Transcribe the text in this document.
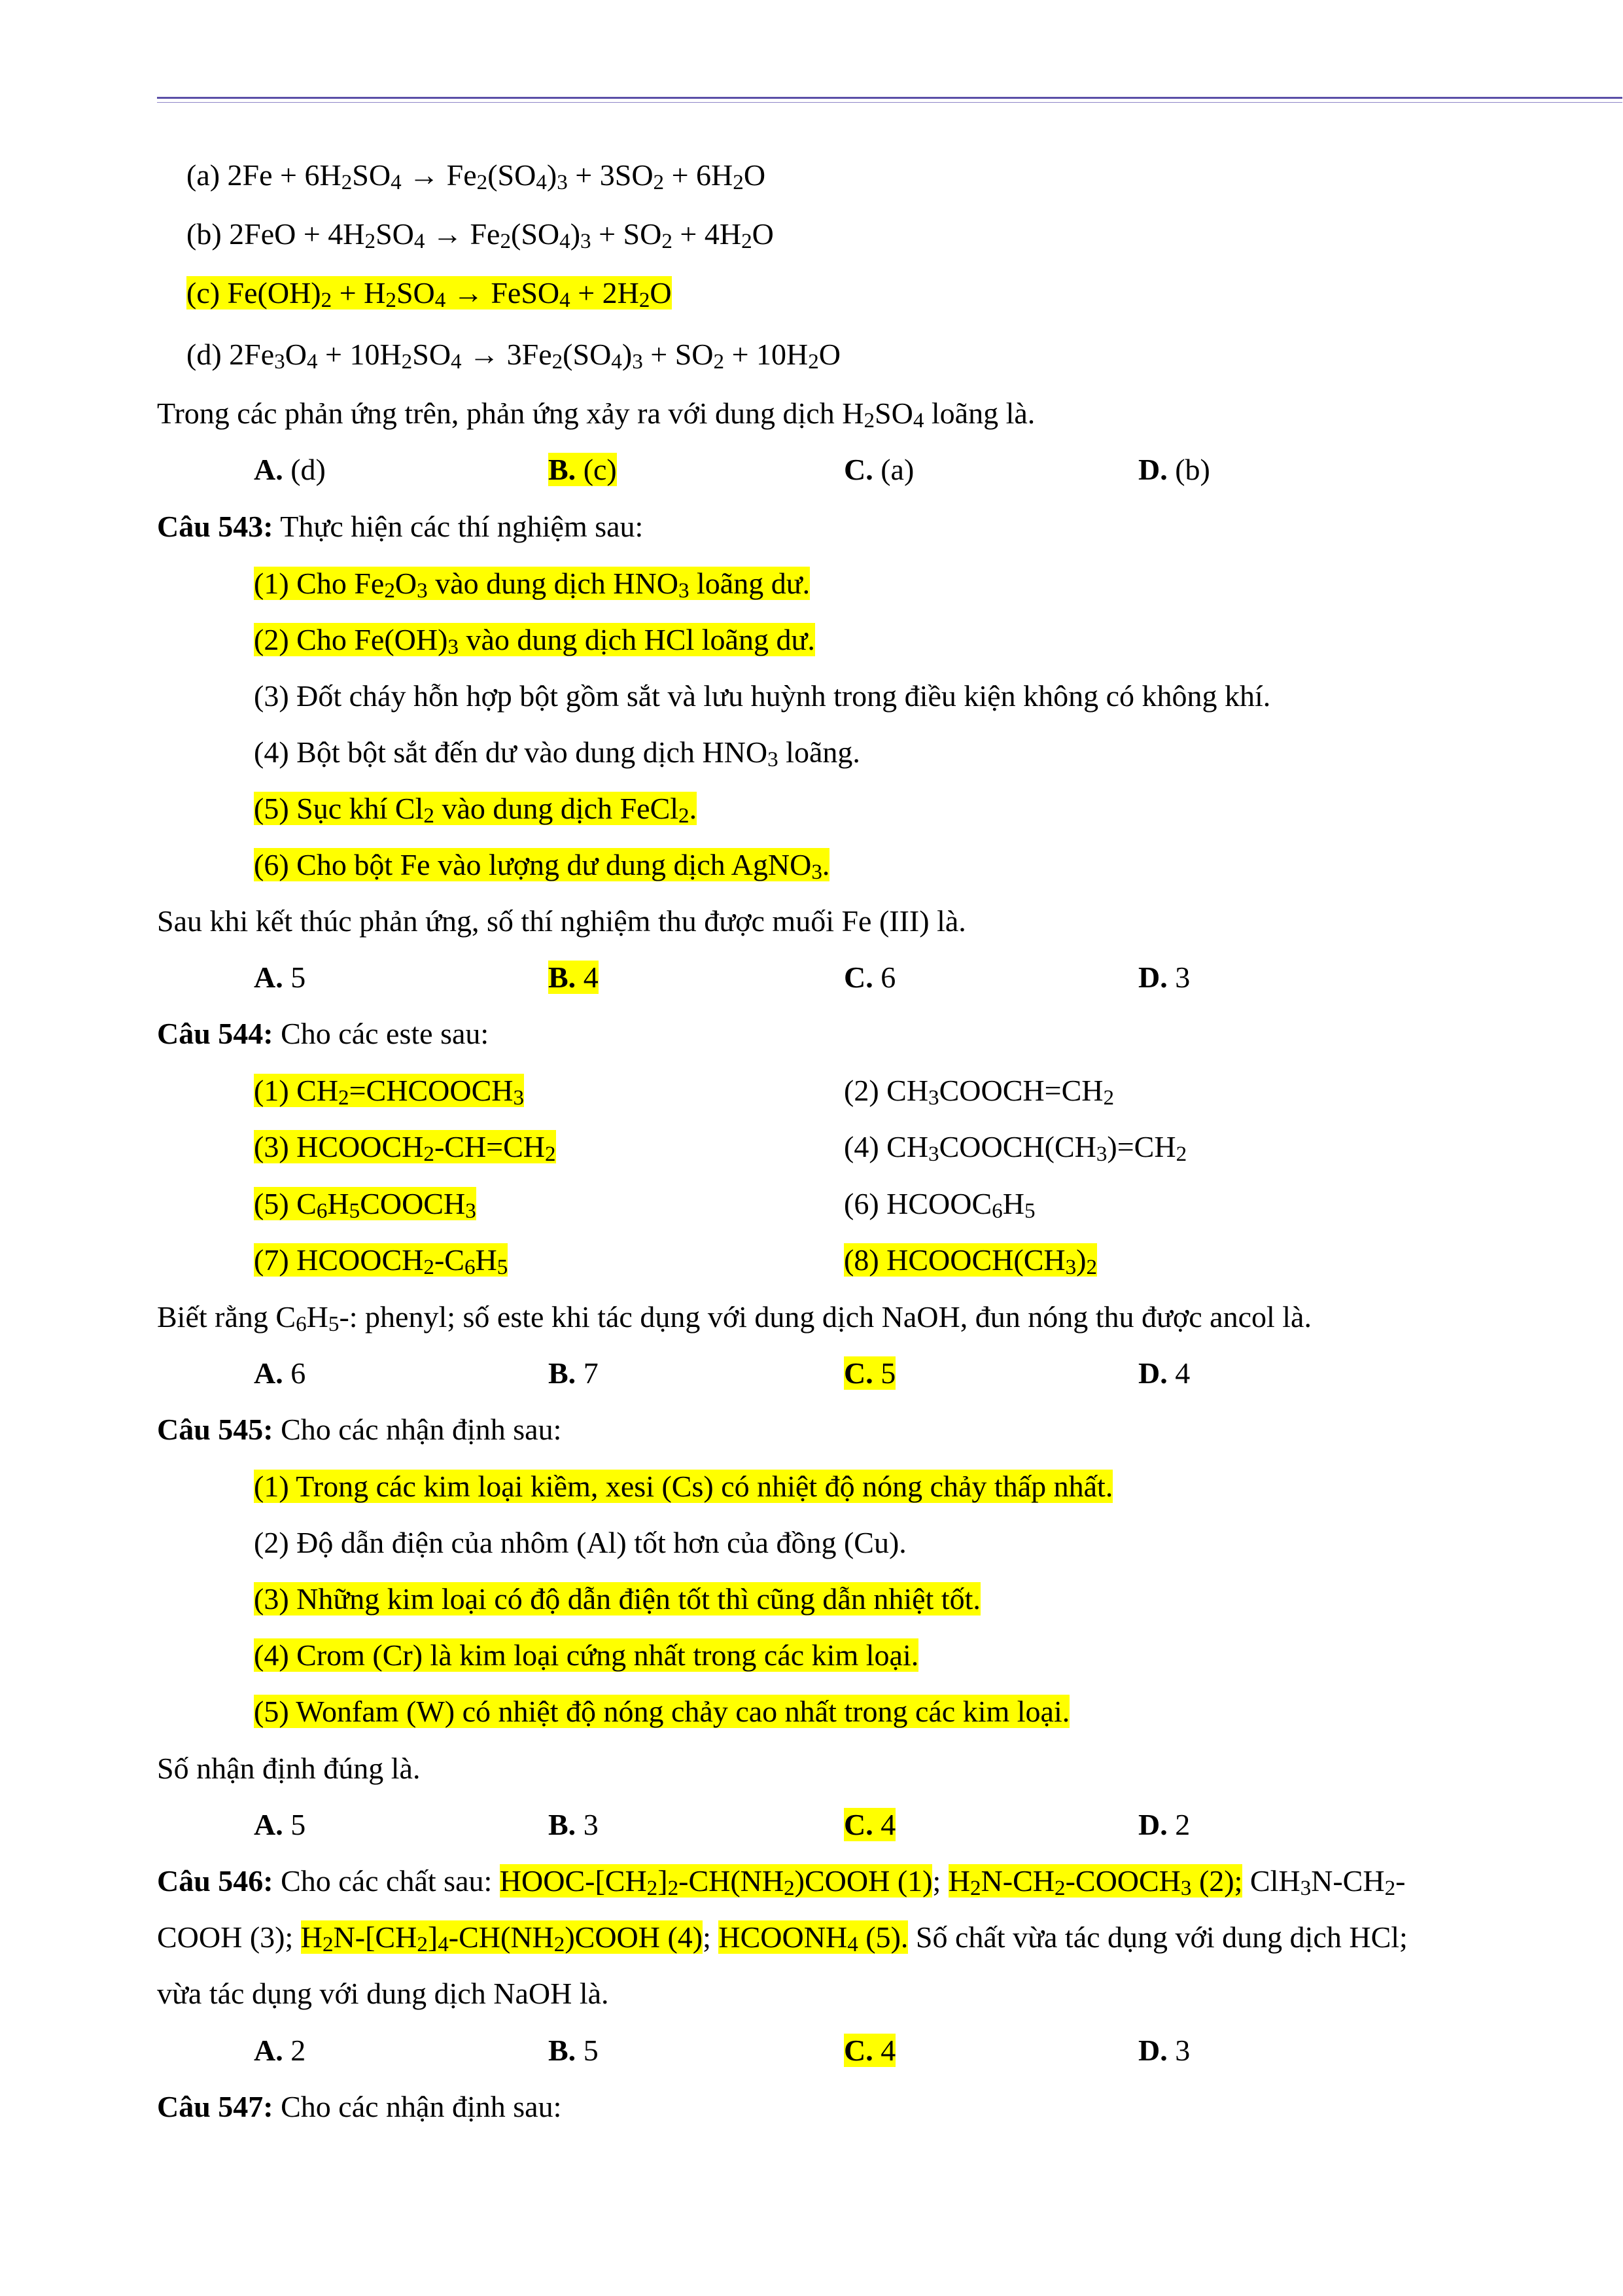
(a) $2Fe + 6H_2SO_4 \to Fe_2(SO_4)_3 + 3SO_2 + 6H_2O$
(b) $2FeO + 4H_2SO_4 \to Fe_2(SO_4)_3 + SO_2 + 4H_2O$
(c) $Fe(OH)_2 + H_2SO_4$ → FeSO$_4$ + $2H_2O$
(d) $2Fe_3O_4 + 10H_2SO_4 \to 3Fe_2(SO_4)_3 + SO_2 + 10H_2O$
Trong các phản ứng trên, phản ứng xảy ra với dung dịch $H_2SO_4$ loãng là.
A. (d)	B. (c)	C. (a)	D. (b)
Câu 543: Thực hiện các thí nghiệm sau:
(1) Cho $Fe_2O_3$ vào dung dịch $HNO_3$ loãng dư.
(2) Cho $Fe(OH)_3$ vào dung dịch HCl loãng dư.
(3) Đốt cháy hỗn hợp bột gồm sắt và lưu huỳnh trong điều kiện không có không khí.
(4) Bột bột sắt đến dư vào dung dịch $HNO_3$ loãng.
(5) Sục khí $Cl_2$ vào dung dịch FeCl$_2$.
(6) Cho bột Fe vào lượng dư dung dịch AgNO$_3$.
Sau khi kết thúc phản ứng, số thí nghiệm thu được muối Fe (III) là.
A. 5	B. 4	C. 6	D. 3
Câu 544: Cho các este sau:
(1) $CH_2=CHCOOCH_3$	(2) $CH_3COOCH=CH_2$
(3) $HCOOCH_2-CH=CH_2$	(4) $CH_3COOCH(CH_3)=CH_2$
(5) $C_6H_5COOCH_3$	(6) $HCOOC_6H_5$
(7) $HCOOCH_2-C_6H_5$	(8) $HCOOCH(CH_3)_2$
Biết rằng $C_6H_5-$: phenyl; số este khi tác dụng với dung dịch NaOH, đun nóng thu được ancol là.
A. 6	B. 7	C. 5	D. 4
Câu 545: Cho các nhận định sau:
(1) Trong các kim loại kiềm, xesi (Cs) có nhiệt độ nóng chảy thấp nhất.
(2) Độ dẫn điện của nhôm (Al) tốt hơn của đồng (Cu).
(3) Những kim loại có độ dẫn điện tốt thì cũng dẫn nhiệt tốt.
(4) Crom (Cr) là kim loại cứng nhất trong các kim loại.
(5) Wonfam (W) có nhiệt độ nóng chảy cao nhất trong các kim loại.
Số nhận định đúng là.
A. 5	B. 3	C. 4	D. 2
Câu 546: Cho các chất sau: HOOC-$[CH_2]_2-CH(NH_2)COOH$ (1); $H_2N-CH_2-COOCH_3$ (2); $ClH_3N-CH_2-$
COOH (3); $H_2N-[CH_2]_4-CH(NH_2)COOH$ (4); $HCOONH_4$ (5). Số chất vừa tác dụng với dung dịch HCl;
vừa tác dụng với dung dịch NaOH là.
A. 2	B. 5	C. 4	D. 3
Câu 547: Cho các nhận định sau:
